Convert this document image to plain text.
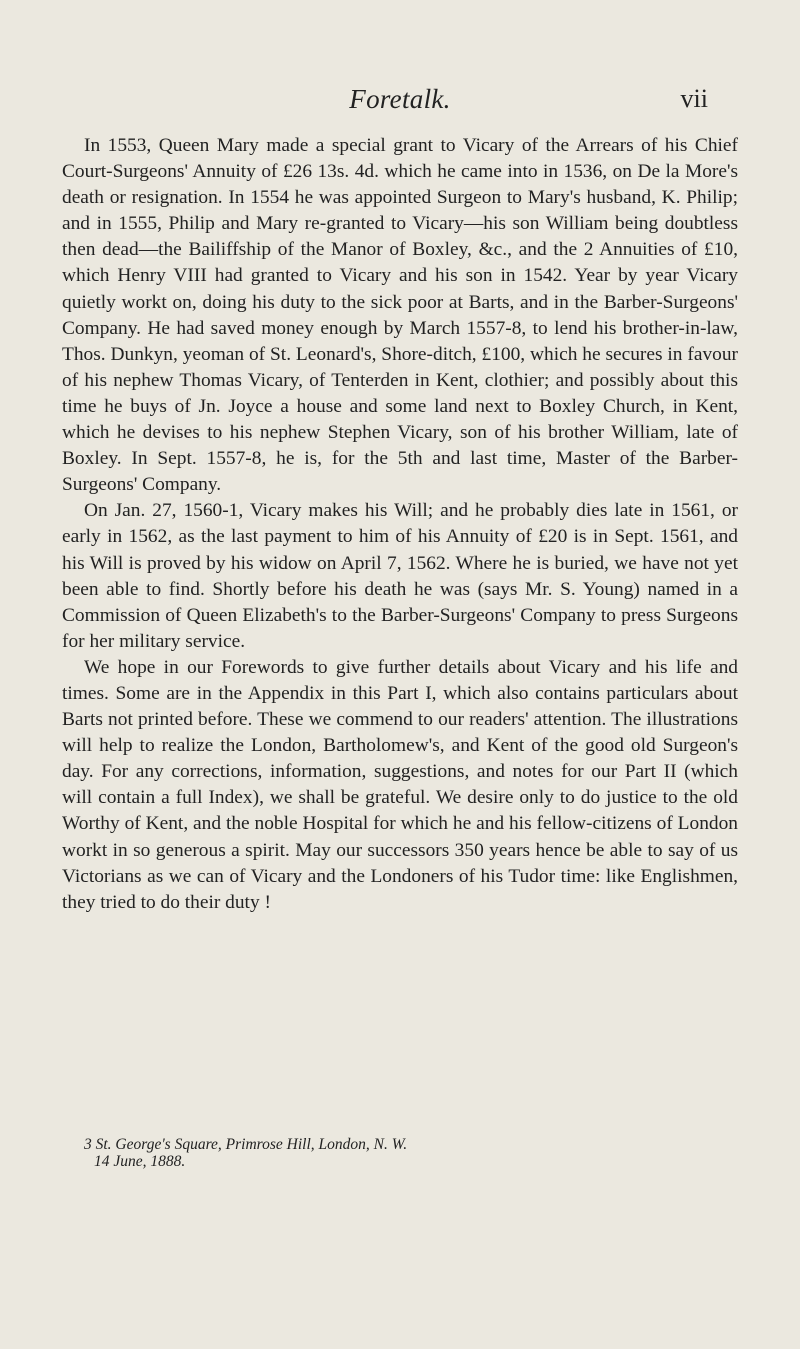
Foretalk.	vii

In 1553, Queen Mary made a special grant to Vicary of the Arrears of his Chief Court-Surgeons' Annuity of £26 13s. 4d. which he came into in 1536, on De la More's death or resignation. In 1554 he was appointed Surgeon to Mary's husband, K. Philip; and in 1555, Philip and Mary re-granted to Vicary—his son William being doubtless then dead—the Bailiffship of the Manor of Boxley, &c., and the 2 Annuities of £10, which Henry VIII had granted to Vicary and his son in 1542. Year by year Vicary quietly workt on, doing his duty to the sick poor at Barts, and in the Barber-Surgeons' Company. He had saved money enough by March 1557-8, to lend his brother-in-law, Thos. Dunkyn, yeoman of St. Leonard's, Shore-ditch, £100, which he secures in favour of his nephew Thomas Vicary, of Tenterden in Kent, clothier; and possibly about this time he buys of Jn. Joyce a house and some land next to Boxley Church, in Kent, which he devises to his nephew Stephen Vicary, son of his brother William, late of Boxley. In Sept. 1557-8, he is, for the 5th and last time, Master of the Barber-Surgeons' Company.

On Jan. 27, 1560-1, Vicary makes his Will; and he probably dies late in 1561, or early in 1562, as the last payment to him of his Annuity of £20 is in Sept. 1561, and his Will is proved by his widow on April 7, 1562. Where he is buried, we have not yet been able to find. Shortly before his death he was (says Mr. S. Young) named in a Commission of Queen Elizabeth's to the Barber-Surgeons' Company to press Surgeons for her military service.

We hope in our Forewords to give further details about Vicary and his life and times. Some are in the Appendix in this Part I, which also contains particulars about Barts not printed before. These we commend to our readers' attention. The illustrations will help to realize the London, Bartholomew's, and Kent of the good old Surgeon's day. For any corrections, information, suggestions, and notes for our Part II (which will contain a full Index), we shall be grateful. We desire only to do justice to the old Worthy of Kent, and the noble Hospital for which he and his fellow-citizens of London workt in so generous a spirit. May our successors 350 years hence be able to say of us Victorians as we can of Vicary and the Londoners of his Tudor time: like Englishmen, they tried to do their duty !

3 St. George's Square, Primrose Hill, London, N. W.
14 June, 1888.
